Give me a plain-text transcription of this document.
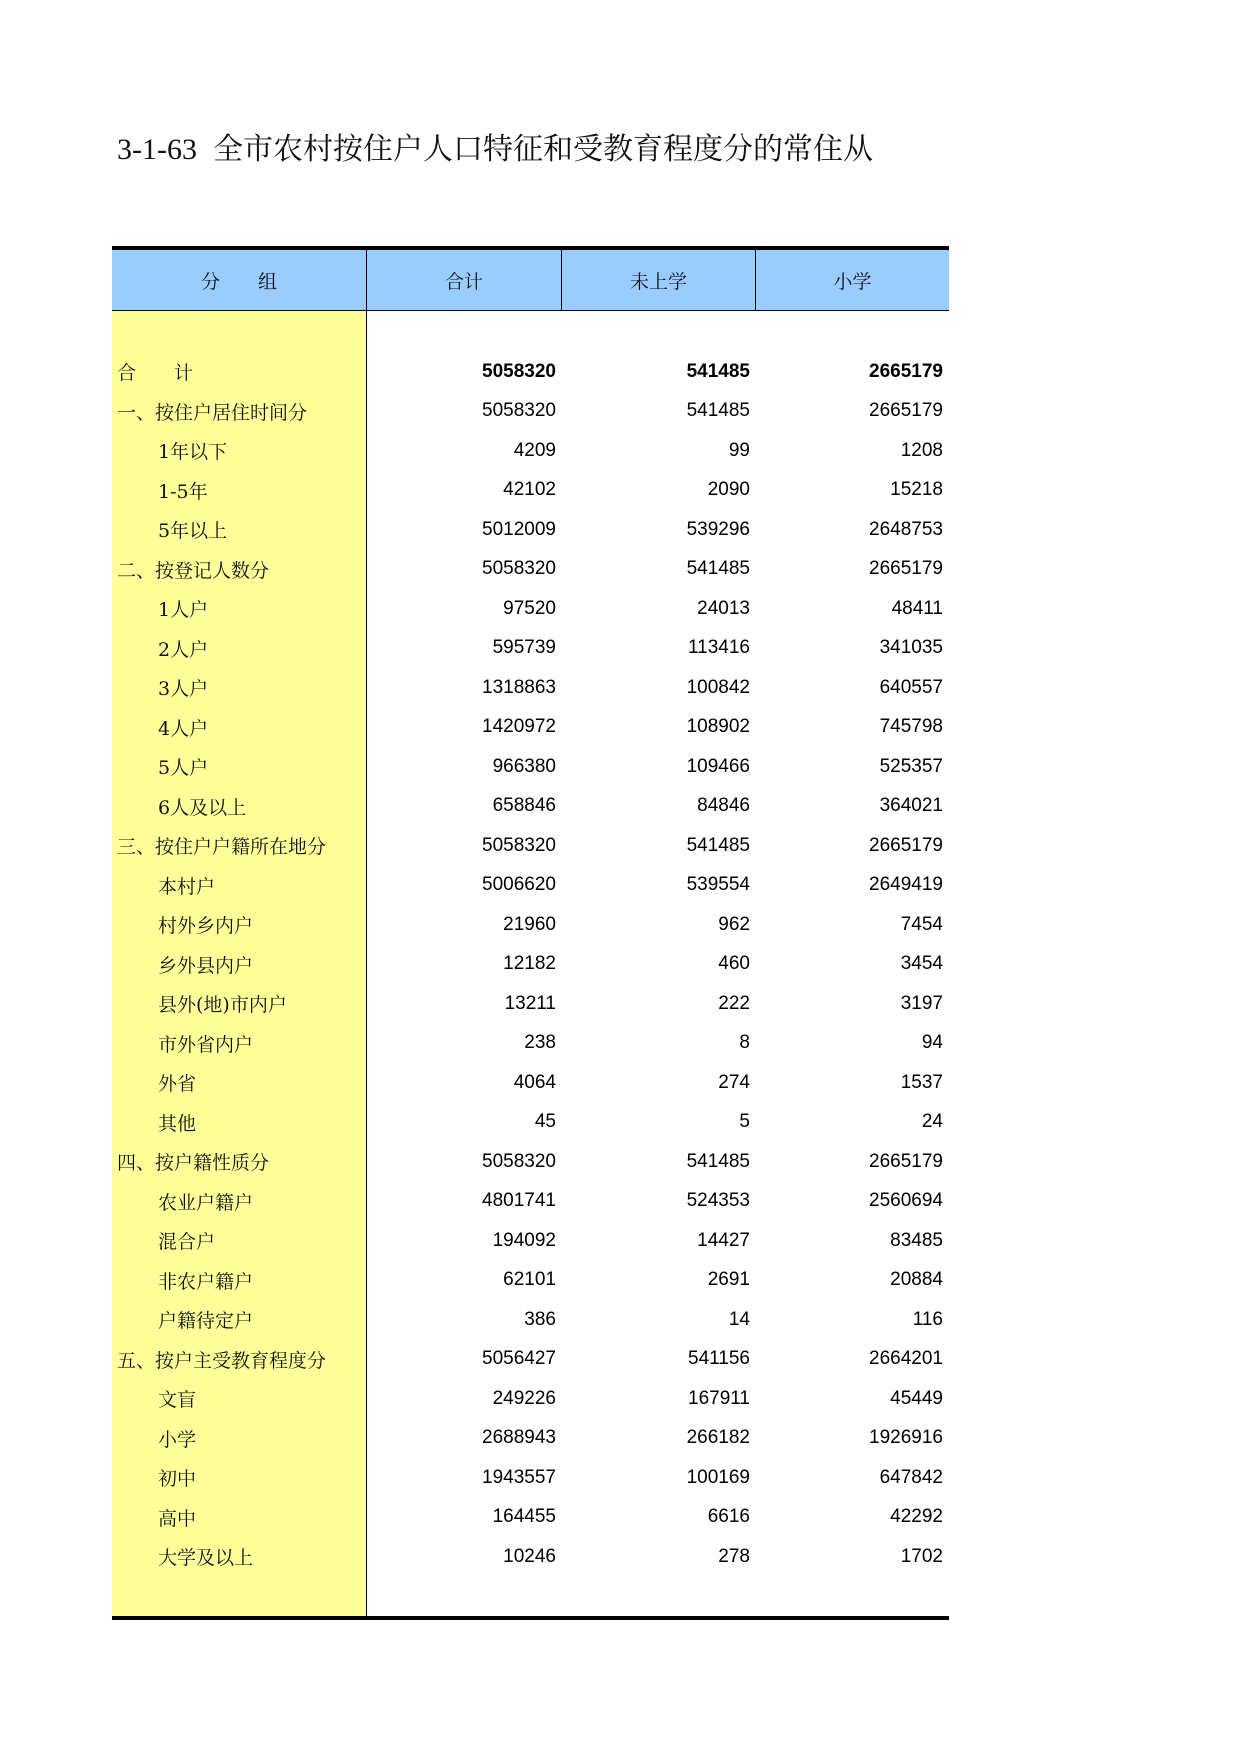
3-1-63 全市农村按住户人口特征和受教育程度分的常住从
分　　组	合计	未上学	小学
合　　计	5058320	541485	2665179
一、按住户居住时间分	5058320	541485	2665179
1年以下	4209	99	1208
1-5年	42102	2090	15218
5年以上	5012009	539296	2648753
二、按登记人数分	5058320	541485	2665179
1人户	97520	24013	48411
2人户	595739	113416	341035
3人户	1318863	100842	640557
4人户	1420972	108902	745798
5人户	966380	109466	525357
6人及以上	658846	84846	364021
三、按住户户籍所在地分	5058320	541485	2665179
本村户	5006620	539554	2649419
村外乡内户	21960	962	7454
乡外县内户	12182	460	3454
县外(地)市内户	13211	222	3197
市外省内户	238	8	94
外省	4064	274	1537
其他	45	5	24
四、按户籍性质分	5058320	541485	2665179
农业户籍户	4801741	524353	2560694
混合户	194092	14427	83485
非农户籍户	62101	2691	20884
户籍待定户	386	14	116
五、按户主受教育程度分	5056427	541156	2664201
文盲	249226	167911	45449
小学	2688943	266182	1926916
初中	1943557	100169	647842
高中	164455	6616	42292
大学及以上	10246	278	1702
